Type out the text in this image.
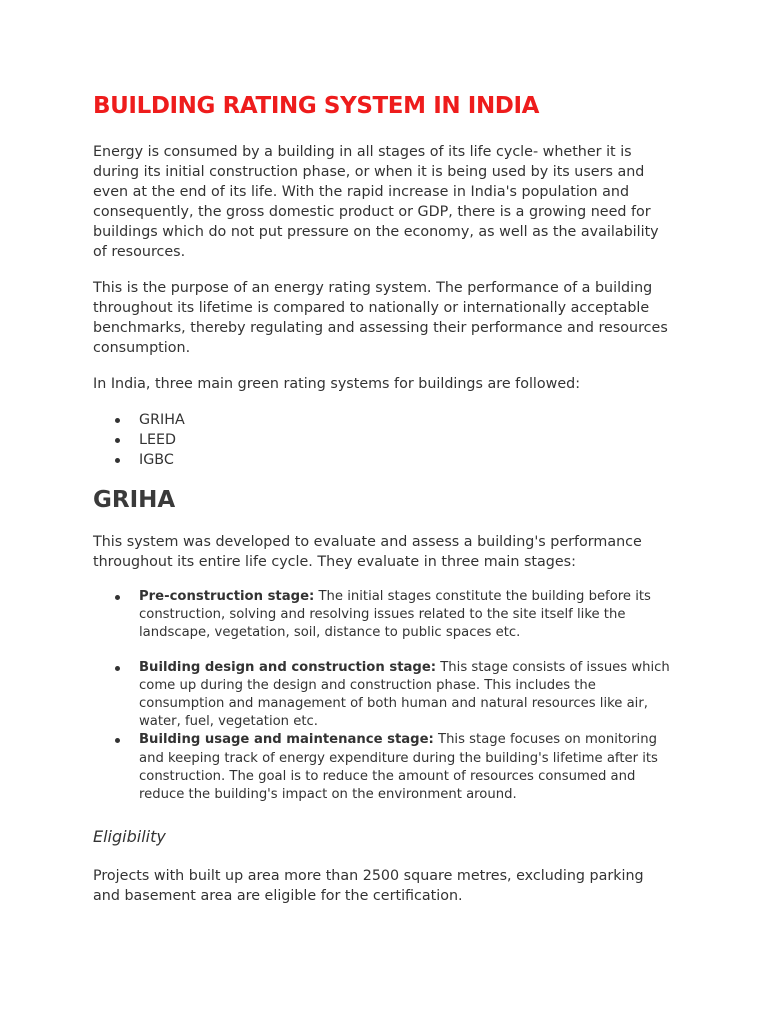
BUILDING RATING SYSTEM IN INDIA

Energy is consumed by a building in all stages of its life cycle- whether it is during its initial construction phase, or when it is being used by its users and even at the end of its life. With the rapid increase in India's population and consequently, the gross domestic product or GDP, there is a growing need for buildings which do not put pressure on the economy, as well as the availability of resources.

This is the purpose of an energy rating system. The performance of a building throughout its lifetime is compared to nationally or internationally acceptable benchmarks, thereby regulating and assessing their performance and resources consumption.

In India, three main green rating systems for buildings are followed:

GRIHA
LEED
IGBC
GRIHA

This system was developed to evaluate and assess a building's performance throughout its entire life cycle. They evaluate in three main stages:

Pre-construction stage: The initial stages constitute the building before its construction, solving and resolving issues related to the site itself like the landscape, vegetation, soil, distance to public spaces etc.
Building design and construction stage: This stage consists of issues which come up during the design and construction phase. This includes the consumption and management of both human and natural resources like air, water, fuel, vegetation etc.
Building usage and maintenance stage: This stage focuses on monitoring and keeping track of energy expenditure during the building's lifetime after its construction. The goal is to reduce the amount of resources consumed and reduce the building's impact on the environment around.
Eligibility

Projects with built up area more than 2500 square metres, excluding parking and basement area are eligible for the certification.
